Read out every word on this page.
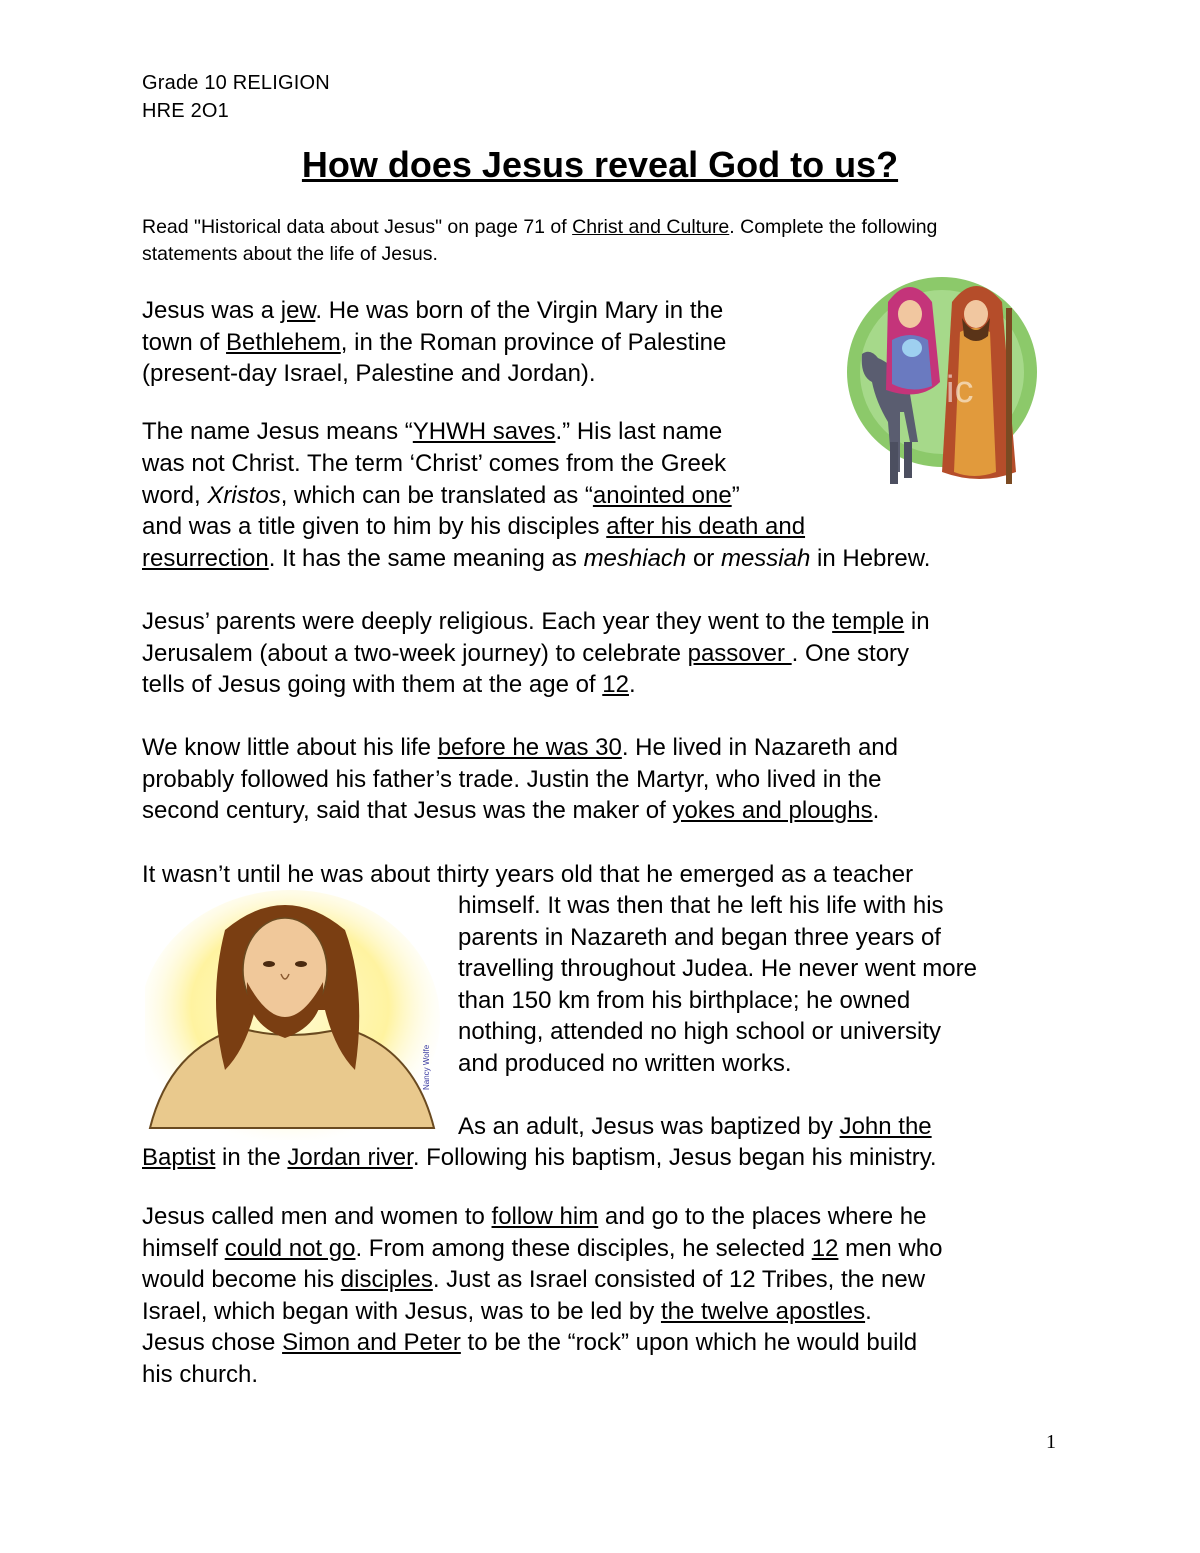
Grade 10 RELIGION
HRE 2O1
How does Jesus reveal God to us?
Read "Historical data about Jesus" on page 71 of Christ and Culture. Complete the following statements about the life of Jesus.
ic
Jesus was a jew. He was born of the Virgin Mary in the
town of Bethlehem, in the Roman province of Palestine
(present-day Israel, Palestine and Jordan).
The name Jesus means “YHWH saves.” His last name
was not Christ. The term ‘Christ’ comes from the Greek
word, Xristos, which can be translated as “anointed one”
and was a title given to him by his disciples after his death and
resurrection. It has the same meaning as meshiach or messiah in Hebrew.
Jesus’ parents were deeply religious. Each year they went to the temple in
Jerusalem (about a two-week journey) to celebrate passover . One story
tells of Jesus going with them at the age of 12.
We know little about his life before he was 30. He lived in Nazareth and
probably followed his father’s trade. Justin the Martyr, who lived in the
second century, said that Jesus was the maker of yokes and ploughs.
Nancy Wolfe
It wasn’t until he was about thirty years old that he emerged as a teacher
himself. It was then that he left his life with his
parents in Nazareth and began three years of
travelling throughout Judea. He never went more
than 150 km from his birthplace; he owned
nothing, attended no high school or university
and produced no written works.
As an adult, Jesus was baptized by John the
Baptist in the Jordan river. Following his baptism, Jesus began his ministry.
Jesus called men and women to follow him and go to the places where he
himself could not go. From among these disciples, he selected 12 men who
would become his disciples. Just as Israel consisted of 12 Tribes, the new
Israel, which began with Jesus, was to be led by the twelve apostles.
Jesus chose Simon and Peter to be the “rock” upon which he would build
his church.
1
